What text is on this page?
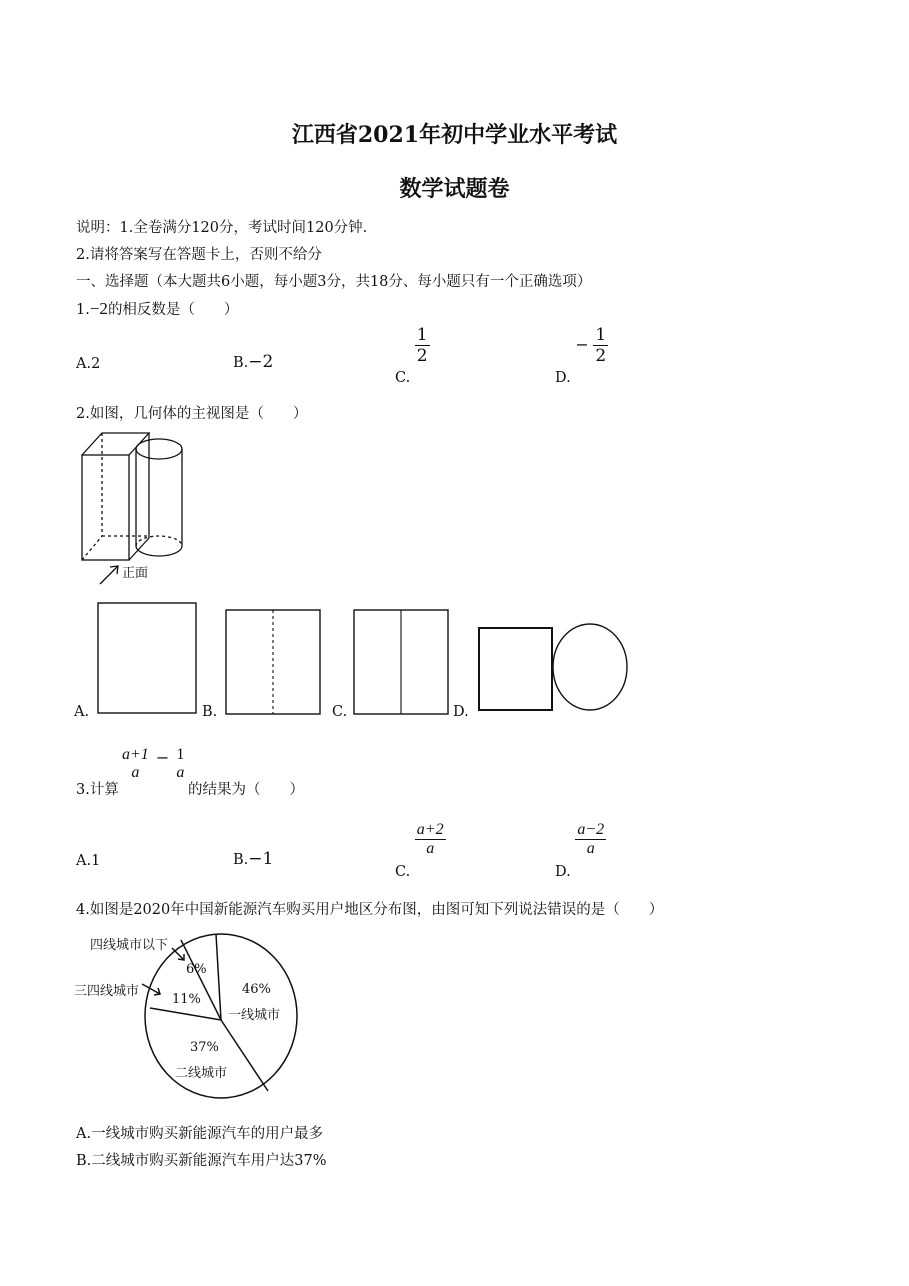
江西省2021年初中学业水平考试
数学试题卷
说明：1.全卷满分120分，考试时间120分钟.
2.请将答案写在答题卡上，否则不给分
一、选择题（本大题共6小题，每小题3分，共18分、每小题只有一个正确选项）
1.−2的相反数是（　　）
A.2	B.−2
C.
$\frac{1}{2}$
D. − $\frac{1}{2}$
2.如图，几何体的主视图是（　　）
正面
A.	B.	C.	D.
3.计算
a+1
a
− 1
a
的结果为（　　）
A.1	B.−1
C.
$\frac{a+2}{a}$
D.
$\frac{a-2}{a}$
4.如图是2020年中国新能源汽车购买用户地区分布图，由图可知下列说法错误的是（　　）
四线城市以下
三四线城市
6%
11%
46%
一线城市
37%
二线城市
A.一线城市购买新能源汽车的用户最多
B.二线城市购买新能源汽车用户达37%
